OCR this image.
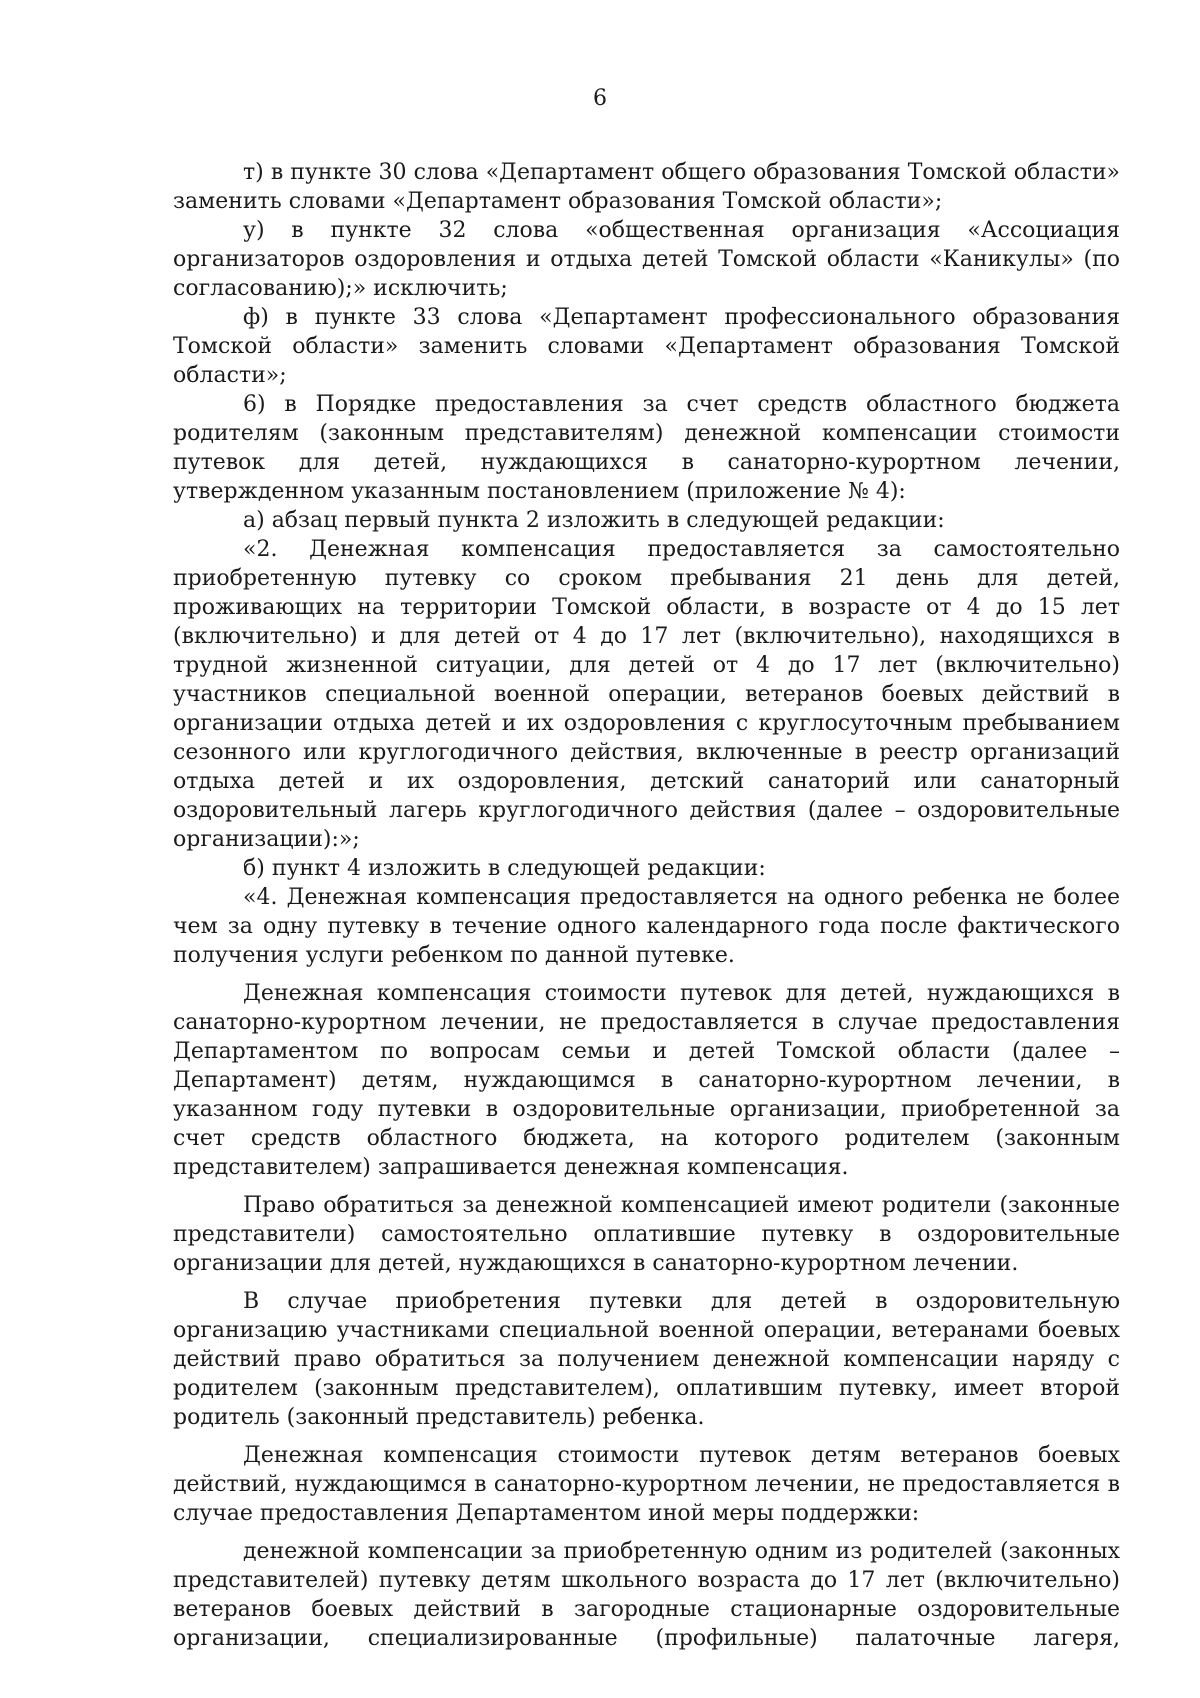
6

т) в пункте 30 слова «Департамент общего образования Томской области» заменить словами «Департамент образования Томской области»;

у) в пункте 32 слова «общественная организация «Ассоциация организаторов оздоровления и отдыха детей Томской области «Каникулы» (по согласованию);» исключить;

ф) в пункте 33 слова «Департамент профессионального образования Томской области» заменить словами «Департамент образования Томской области»;

6) в Порядке предоставления за счет средств областного бюджета родителям (законным представителям) денежной компенсации стоимости путевок для детей, нуждающихся в санаторно-курортном лечении, утвержденном указанным постановлением (приложение № 4):

а) абзац первый пункта 2 изложить в следующей редакции:

«2. Денежная компенсация предоставляется за самостоятельно приобретенную путевку со сроком пребывания 21 день для детей, проживающих на территории Томской области, в возрасте от 4 до 15 лет (включительно) и для детей от 4 до 17 лет (включительно), находящихся в трудной жизненной ситуации, для детей от 4 до 17 лет (включительно) участников специальной военной операции, ветеранов боевых действий в организации отдыха детей и их оздоровления с круглосуточным пребыванием сезонного или круглогодичного действия, включенные в реестр организаций отдыха детей и их оздоровления, детский санаторий или санаторный оздоровительный лагерь круглогодичного действия (далее – оздоровительные организации):»;

б) пункт 4 изложить в следующей редакции:

«4. Денежная компенсация предоставляется на одного ребенка не более чем за одну путевку в течение одного календарного года после фактического получения услуги ребенком по данной путевке.

Денежная компенсация стоимости путевок для детей, нуждающихся в санаторно-курортном лечении, не предоставляется в случае предоставления Департаментом по вопросам семьи и детей Томской области (далее – Департамент) детям, нуждающимся в санаторно-курортном лечении, в указанном году путевки в оздоровительные организации, приобретенной за счет средств областного бюджета, на которого родителем (законным представителем) запрашивается денежная компенсация.

Право обратиться за денежной компенсацией имеют родители (законные представители) самостоятельно оплатившие путевку в оздоровительные организации для детей, нуждающихся в санаторно-курортном лечении.

В случае приобретения путевки для детей в оздоровительную организацию участниками специальной военной операции, ветеранами боевых действий право обратиться за получением денежной компенсации наряду с родителем (законным представителем), оплатившим путевку, имеет второй родитель (законный представитель) ребенка.

Денежная компенсация стоимости путевок детям ветеранов боевых действий, нуждающимся в санаторно-курортном лечении, не предоставляется в случае предоставления Департаментом иной меры поддержки:

денежной компенсации за приобретенную одним из родителей (законных представителей) путевку детям школьного возраста до 17 лет (включительно) ветеранов боевых действий в загородные стационарные оздоровительные организации, специализированные (профильные) палаточные лагеря,
